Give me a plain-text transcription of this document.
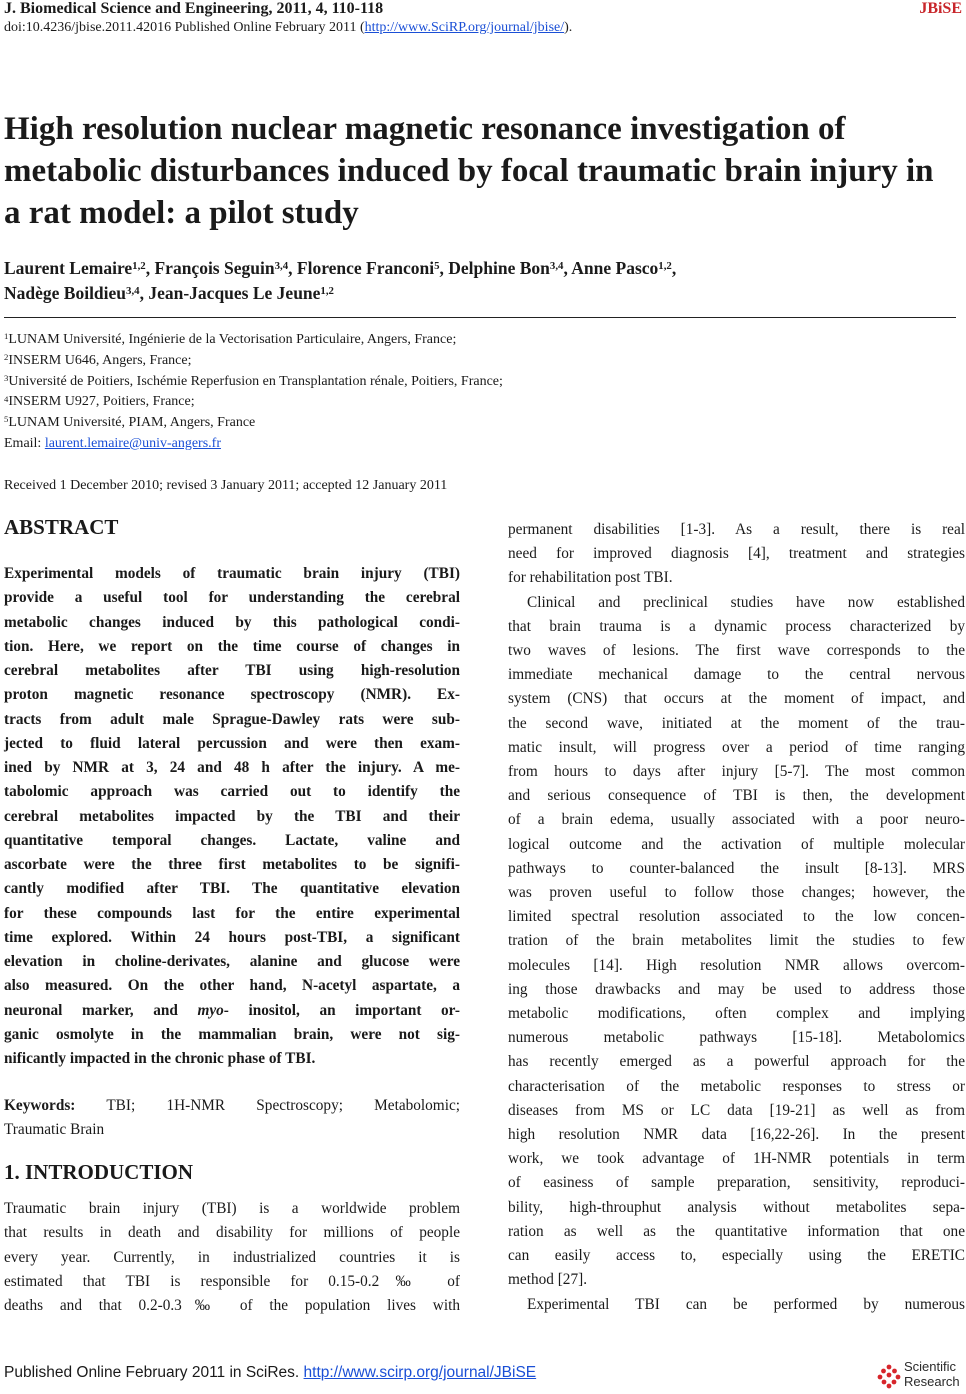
J. Biomedical Science and Engineering, 2011, 4, 110-118	JBiSE
doi:10.4236/jbise.2011.42016 Published Online February 2011 (http://www.SciRP.org/journal/jbise/).
High resolution nuclear magnetic resonance investigation of metabolic disturbances induced by focal traumatic brain injury in a rat model: a pilot study
Laurent Lemaire$^{1,2}$, François Seguin$^{3,4}$, Florence Franconi$^5$, Delphine Bon$^{3,4}$, Anne Pasco$^{1,2}$,
Nadège Boildieu$^{3,4}$, Jean-Jacques Le Jeune$^{1,2}$
$^1$LUNAM Université, Ingénierie de la Vectorisation Particulaire, Angers, France;
$^2$INSERM U646, Angers, France;
$^3$Université de Poitiers, Ischémie Reperfusion en Transplantation rénale, Poitiers, France;
$^4$INSERM U927, Poitiers, France;
$^5$LUNAM Université, PIAM, Angers, France
Email: laurent.lemaire@univ-angers.fr
Received 1 December 2010; revised 3 January 2011; accepted 12 January 2011
ABSTRACT
Experimental models of traumatic brain injury (TBI)
provide a useful tool for understanding the cerebral
metabolic changes induced by this pathological condi-
tion. Here, we report on the time course of changes in
cerebral metabolites after TBI using high-resolution
proton magnetic resonance spectroscopy (NMR). Ex-
tracts from adult male Sprague-Dawley rats were sub-
jected to fluid lateral percussion and were then exam-
ined by NMR at 3, 24 and 48 h after the injury. A me-
tabolomic approach was carried out to identify the
cerebral metabolites impacted by the TBI and their
quantitative temporal changes. Lactate, valine and
ascorbate were the three first metabolites to be signifi-
cantly modified after TBI. The quantitative elevation
for these compounds last for the entire experimental
time explored. Within 24 hours post-TBI, a significant
elevation in choline-derivates, alanine and glucose were
also measured. On the other hand, N-acetyl aspartate, a
neuronal marker, and myo- inositol, an important or-
ganic osmolyte in the mammalian brain, were not sig-
nificantly impacted in the chronic phase of TBI.
Keywords: TBI; 1H-NMR Spectroscopy; Metabolomic;
Traumatic Brain
1. INTRODUCTION
Traumatic brain injury (TBI) is a worldwide problem
that results in death and disability for millions of people
every year. Currently, in industrialized countries it is
estimated that TBI is responsible for 0.15-0.2‰ of
deaths and that 0.2-0.3‰ of the population lives with
permanent disabilities [1-3]. As a result, there is real
need for improved diagnosis [4], treatment and strategies
for rehabilitation post TBI.
Clinical and preclinical studies have now established
that brain trauma is a dynamic process characterized by
two waves of lesions. The first wave corresponds to the
immediate mechanical damage to the central nervous
system (CNS) that occurs at the moment of impact, and
the second wave, initiated at the moment of the trau-
matic insult, will progress over a period of time ranging
from hours to days after injury [5-7]. The most common
and serious consequence of TBI is then, the development
of a brain edema, usually associated with a poor neuro-
logical outcome and the activation of multiple molecular
pathways to counter-balanced the insult [8-13]. MRS
was proven useful to follow those changes; however, the
limited spectral resolution associated to the low concen-
tration of the brain metabolites limit the studies to few
molecules [14]. High resolution NMR allows overcom-
ing those drawbacks and may be used to address those
metabolic modifications, often complex and implying
numerous metabolic pathways [15-18]. Metabolomics
has recently emerged as a powerful approach for the
characterisation of the metabolic responses to stress or
diseases from MS or LC data [19-21] as well as from
high resolution NMR data [16,22-26]. In the present
work, we took advantage of 1H-NMR potentials in term
of easiness of sample preparation, sensitivity, reproduci-
bility, high-throuphut analysis without metabolites sepa-
ration as well as the quantitative information that one
can easily access to, especially using the ERETIC
method [27].
Experimental TBI can be performed by numerous
Published Online February 2011 in SciRes. http://www.scirp.org/journal/JBiSE	Scientific
Research
